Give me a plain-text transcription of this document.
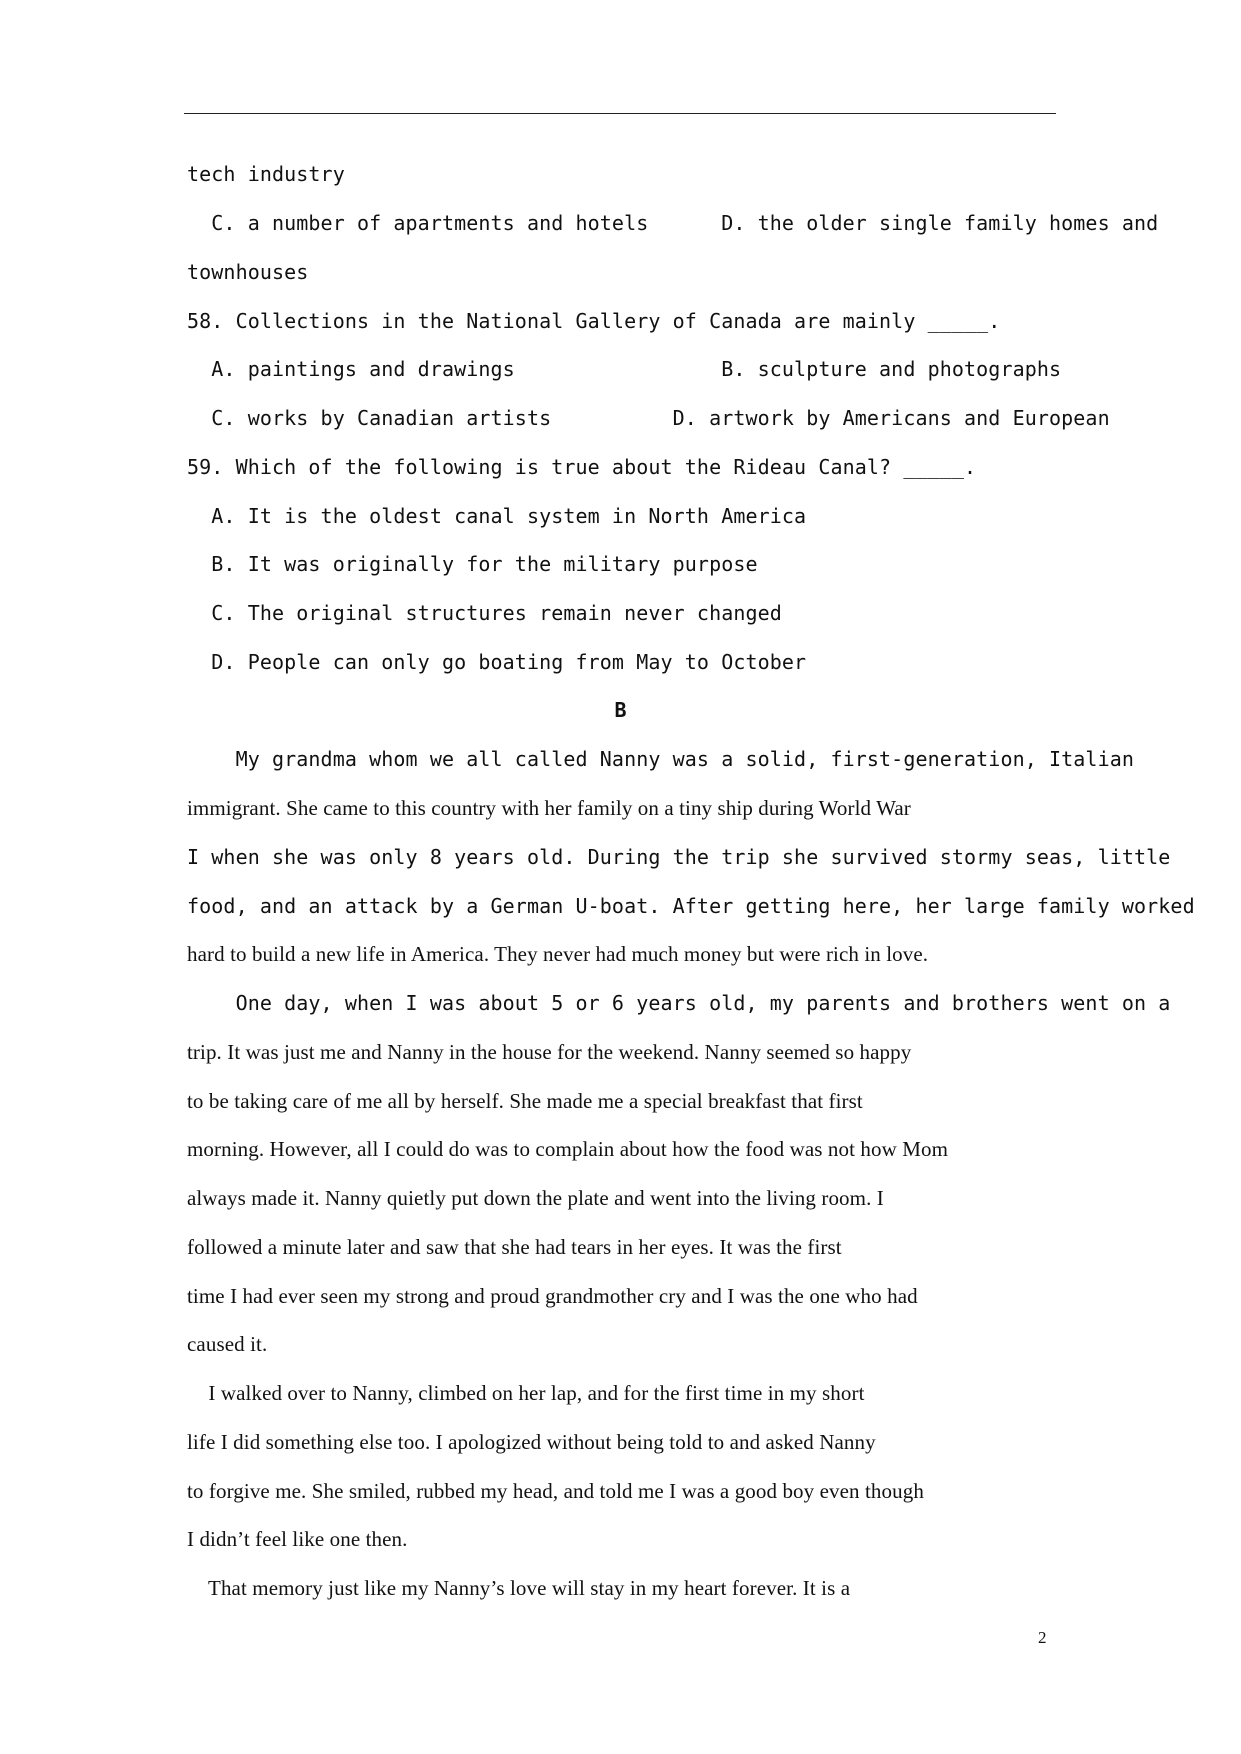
tech industry
C. a number of apartments and hotels      D. the older single family homes and
townhouses
58. Collections in the National Gallery of Canada are mainly _____.
A. paintings and drawings                 B. sculpture and photographs
C. works by Canadian artists          D. artwork by Americans and European
59. Which of the following is true about the Rideau Canal? _____.
A. It is the oldest canal system in North America
B. It was originally for the military purpose
C. The original structures remain never changed
D. People can only go boating from May to October
B
My grandma whom we all called Nanny was a solid, first-generation, Italian
immigrant. She came to this country with her family on a tiny ship during World War
I when she was only 8 years old. During the trip she survived stormy seas, little
food, and an attack by a German U-boat. After getting here, her large family worked
hard to build a new life in America. They never had much money but were rich in love.
One day, when I was about 5 or 6 years old, my parents and brothers went on a
trip. It was just me and Nanny in the house for the weekend. Nanny seemed so happy
to be taking care of me all by herself. She made me a special breakfast that first
morning. However, all I could do was to complain about how the food was not how Mom
always made it. Nanny quietly put down the plate and went into the living room. I
followed a minute later and saw that she had tears in her eyes. It was the first
time I had ever seen my strong and proud grandmother cry and I was the one who had
caused it.
I walked over to Nanny, climbed on her lap, and for the first time in my short
life I did something else too. I apologized without being told to and asked Nanny
to forgive me. She smiled, rubbed my head, and told me I was a good boy even though
I didn’t feel like one then.
That memory just like my Nanny’s love will stay in my heart forever. It is a
2
